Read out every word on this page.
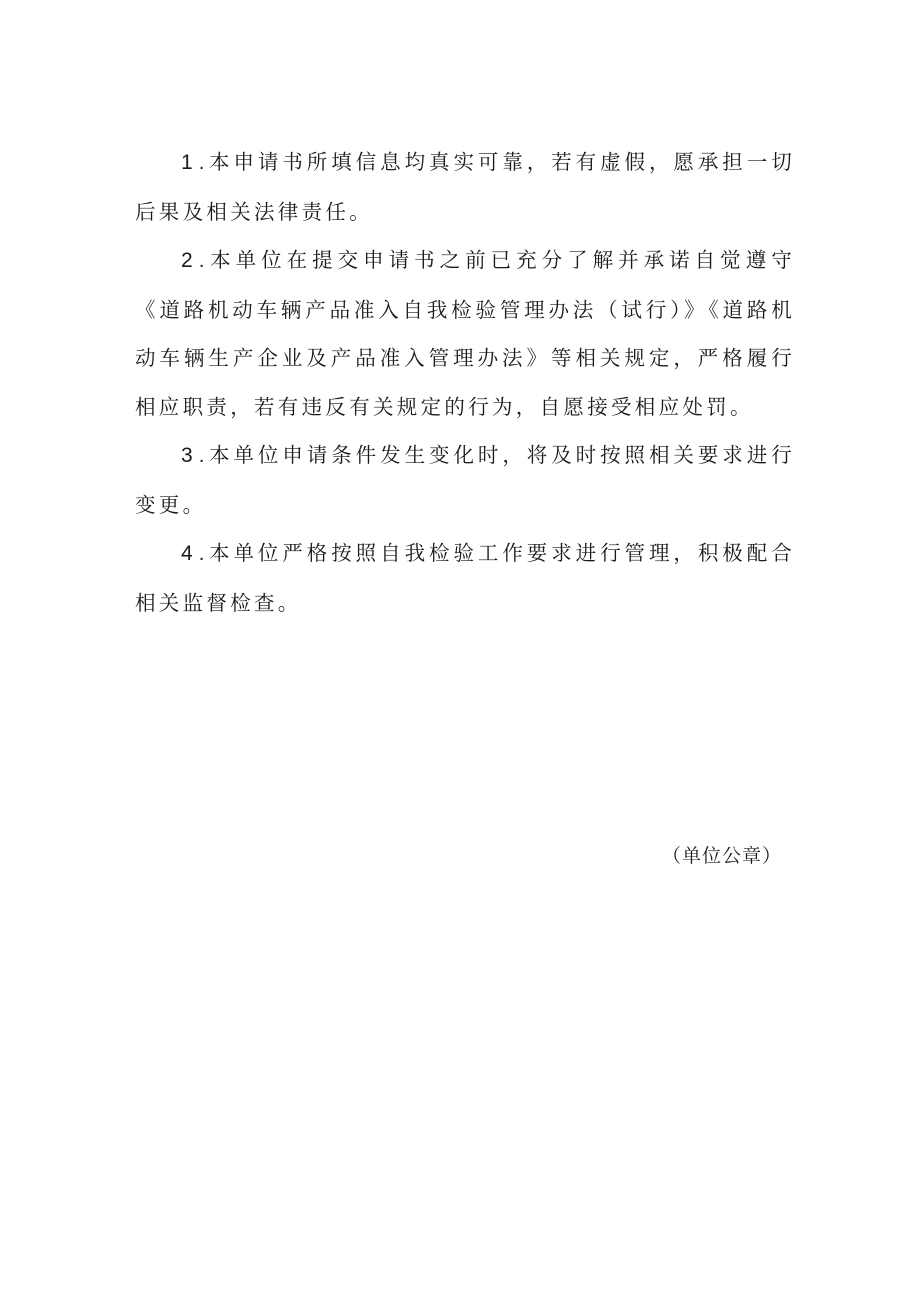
1 . 本申请书所填信息均真实可靠，若有虚假，愿承担一切后果及相关法律责任。

2 . 本单位在提交申请书之前已充分了解并承诺自觉遵守《道路机动车辆产品准入自我检验管理办法（试行）》《道路机动车辆生产企业及产品准入管理办法》等相关规定，严格履行相应职责，若有违反有关规定的行为，自愿接受相应处罚。

3 . 本单位申请条件发生变化时，将及时按照相关要求进行变更。

4 . 本单位严格按照自我检验工作要求进行管理，积极配合相关监督检查。

（单位公章）
